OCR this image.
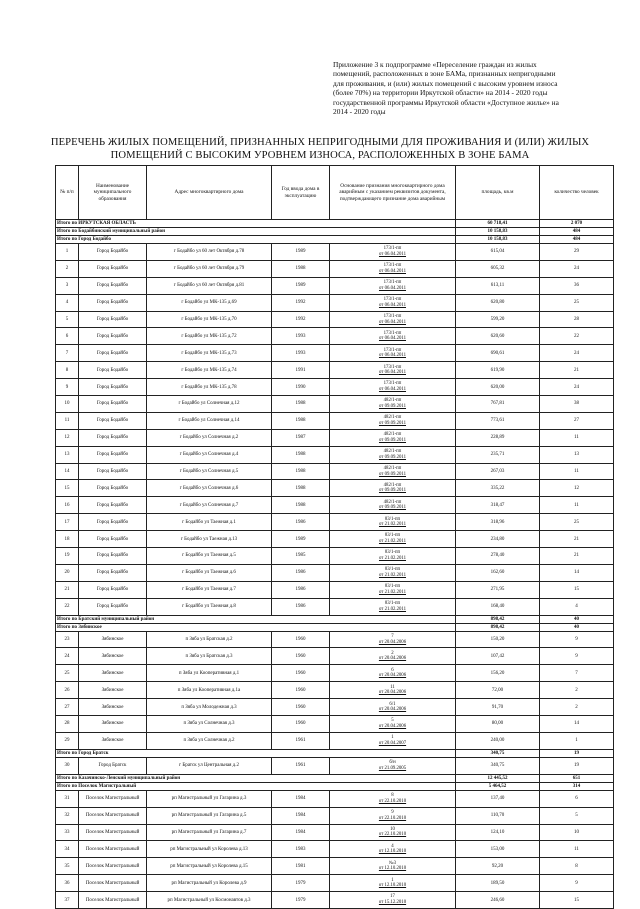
Приложение 3 к подпрограмме «Переселение граждан из жилых помещений, расположенных в зоне БАМа, признанных непригодными для проживания, и (или) жилых помещений с высоким уровнем износа (более 70%) на территории Иркутской области» на 2014 - 2020 годы государственной программы Иркутской области «Доступное жилье» на 2014 - 2020 годы
ПЕРЕЧЕНЬ ЖИЛЫХ ПОМЕЩЕНИЙ, ПРИЗНАННЫХ НЕПРИГОДНЫМИ ДЛЯ ПРОЖИВАНИЯ И (ИЛИ) ЖИЛЫХ ПОМЕЩЕНИЙ С ВЫСОКИМ УРОВНЕМ ИЗНОСА, РАСПОЛОЖЕННЫХ В ЗОНЕ БАМА
№ п/п	Наименование муниципального образования	Адрес многоквартирного дома	Год ввода дома в эксплуатацию	Основание признания многоквартирного дома аварийным с указанием реквизитов документа, подтверждающего признание дома аварийным	площадь, кв.м	количество человек
Итого по ИРКУТСКАЯ ОБЛАСТЬ					60 718,41	2 070
Итого по Бодайбинский муниципальный район					10 158,83	484
Итого по Город Бодайбо					10 158,83	484
1	Город Бодайбо	г Бодайбо ул 60 лет Октября д.78	1989	173/1-пп
от 06.04.2011	615,04	29
2	Город Бодайбо	г Бодайбо ул 60 лет Октября д.79	1988	173/1-пп
от 06.04.2011	605,32	24
3	Город Бодайбо	г Бодайбо ул 60 лет Октября д.81	1989	173/1-пп
от 06.04.2011	613,11	36
4	Город Бодайбо	г Бодайбо ул МК-135 д.69	1992	173/1-пп
от 06.04.2011	620,80	25
5	Город Бодайбо	г Бодайбо ул МК-135 д.70	1992	173/1-пп
от 06.04.2011	599,20	28
6	Город Бодайбо	г Бодайбо ул МК-135 д.72	1993	173/1-пп
от 06.04.2011	620,60	22
7	Город Бодайбо	г Бодайбо ул МК-135 д.73	1993	173/1-пп
от 06.04.2011	690,61	24
8	Город Бодайбо	г Бодайбо ул МК-135 д.74	1991	173/1-пп
от 06.04.2011	619,90	21
9	Город Бодайбо	г Бодайбо ул МК-135 д.78	1990	173/1-пп
от 06.04.2011	620,00	24
10	Город Бодайбо	г Бодайбо ул Солнечная д.12	1988	482/1-пп
от 09.09.2011	767,81	38
11	Город Бодайбо	г Бодайбо ул Солнечная д.14	1988	482/1-пп
от 09.09.2011	773,61	27
12	Город Бодайбо	г Бодайбо ул Солнечная д.2	1987	482/1-пп
от 09.09.2011	228,89	11
13	Город Бодайбо	г Бодайбо ул Солнечная д.4	1988	482/1-пп
от 09.09.2011	235,71	13
14	Город Бодайбо	г Бодайбо ул Солнечная д.5	1988	482/1-пп
от 09.09.2011	267,03	11
15	Город Бодайбо	г Бодайбо ул Солнечная д.6	1988	482/1-пп
от 09.09.2011	335,22	12
16	Город Бодайбо	г Бодайбо ул Солнечная д.7	1988	482/1-пп
от 09.09.2011	318,47	11
17	Город Бодайбо	г Бодайбо ул Таежная д.1	1986	83/1-пп
от 21.02.2011	318,96	25
18	Город Бодайбо	г Бодайбо ул Таежная д.13	1989	83/1-пп
от 21.02.2011	234,80	21
19	Город Бодайбо	г Бодайбо ул Таежная д.5	1985	83/1-пп
от 21.02.2011	278,40	21
20	Город Бодайбо	г Бодайбо ул Таежная д.6	1986	83/1-пп
от 21.02.2011	162,60	14
21	Город Бодайбо	г Бодайбо ул Таежная д.7	1986	83/1-пп
от 21.02.2011	271,95	15
22	Город Бодайбо	г Бодайбо ул Таежная д.8	1986	83/1-пп
от 21.02.2011	168,40	4
Итого по Братский муниципальный район					898,42	40
Итого по Зябинское					898,42	40
23	Зябинское	п Зяба ул Братская д.2	1960	7
от 20.04.2006	150,20	9
24	Зябинское	п Зяба ул Братская д.3	1960	2
от 20.04.2006	107,42	9
25	Зябинское	п Зяба ул Кооперативная д.1	1960	6
от 20.04.2006	156,20	7
26	Зябинское	п Зяба ул Кооперативная д.1а	1960	11
от 20.04.2006	72,00	2
27	Зябинское	п Зяба ул Молодежная д.3	1960	6/1
от 20.04.2006	91,70	2
28	Зябинское	п Зяба ул Солнечная д.3	1960	5
от 20.04.2006	80,00	14
29	Зябинское	п Зяба ул Солнечная д.2	1961	1
от 20.04.2007	240,00	1
Итого по Город Братск					340,75	19
30	Город Братск	г Братск ул Центральная д.2	1961	б/н
от 21.09.2005	340,75	19
Итого по Казачинско-Ленский муниципальный район					12 445,52	651
Итого по Поселок Магистральный					5 464,52	314
31	Поселок Магистральный	рп Магистральный ул Гагарина д.3	1984	8
от 22.10.2010	137,40	6
32	Поселок Магистральный	рп Магистральный ул Гагарина д.5	1984	9
от 22.10.2010	110,70	5
33	Поселок Магистральный	рп Магистральный ул Гагарина д.7	1984	10
от 22.10.2010	124,10	10
34	Поселок Магистральный	рп Магистральный ул Королева д.13	1983	4
от 12.10.2010	153,00	11
35	Поселок Магистральный	рп Магистральный ул Королева д.15	1981	№3
от 12.10.2010	92,20	8
36	Поселок Магистральный	рп Магистральный ул Королева д.9	1979	1
от 12.10.2010	189,50	9
37	Поселок Магистральный	рп Магистральный ул Космонавтов д.3	1979	17
от 15.12.2010	246,60	15
